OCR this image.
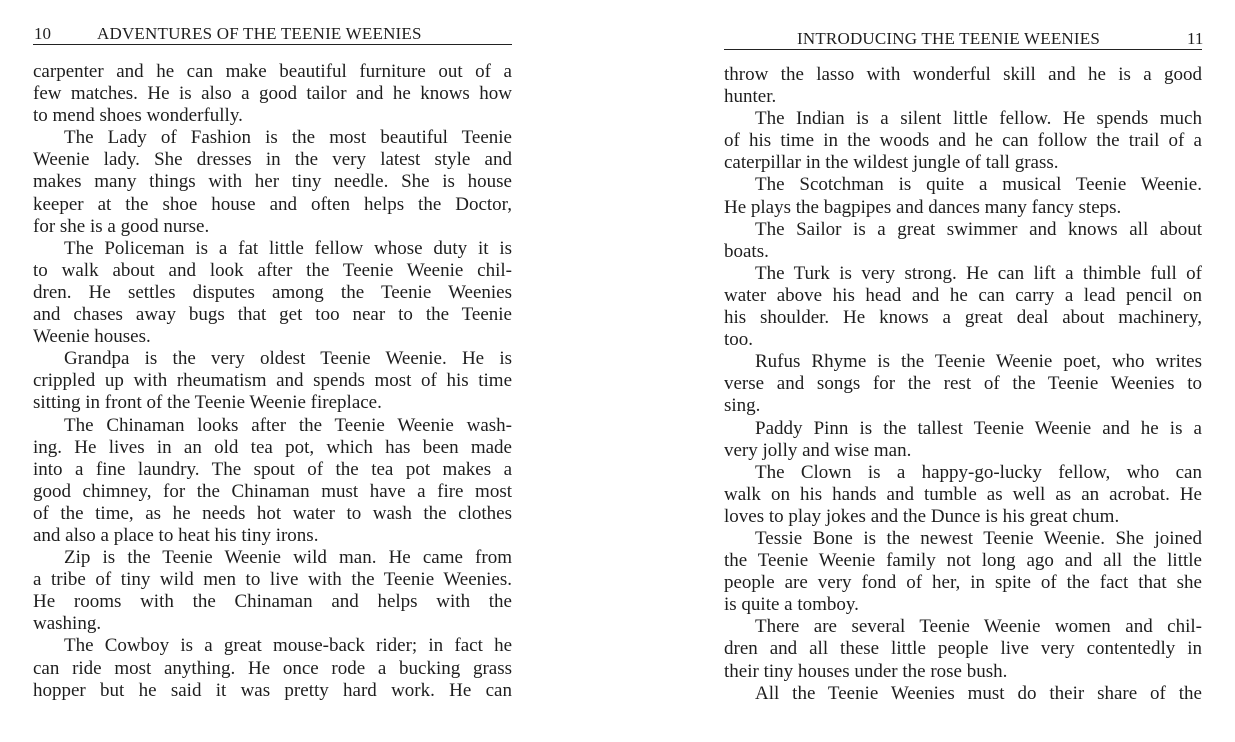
10	ADVENTURES OF THE TEENIE WEENIES
carpenter and he can make beautiful furniture out of a
few matches. He is also a good tailor and he knows how
to mend shoes wonderfully.
The Lady of Fashion is the most beautiful Teenie
Weenie lady. She dresses in the very latest style and
makes many things with her tiny needle. She is house
keeper at the shoe house and often helps the Doctor,
for she is a good nurse.
The Policeman is a fat little fellow whose duty it is
to walk about and look after the Teenie Weenie chil-
dren. He settles disputes among the Teenie Weenies
and chases away bugs that get too near to the Teenie
Weenie houses.
Grandpa is the very oldest Teenie Weenie. He is
crippled up with rheumatism and spends most of his time
sitting in front of the Teenie Weenie fireplace.
The Chinaman looks after the Teenie Weenie wash-
ing. He lives in an old tea pot, which has been made
into a fine laundry. The spout of the tea pot makes a
good chimney, for the Chinaman must have a fire most
of the time, as he needs hot water to wash the clothes
and also a place to heat his tiny irons.
Zip is the Teenie Weenie wild man. He came from
a tribe of tiny wild men to live with the Teenie Weenies.
He rooms with the Chinaman and helps with the
washing.
The Cowboy is a great mouse-back rider; in fact he
can ride most anything. He once rode a bucking grass
hopper but he said it was pretty hard work. He can
INTRODUCING THE TEENIE WEENIES	11
throw the lasso with wonderful skill and he is a good
hunter.
The Indian is a silent little fellow. He spends much
of his time in the woods and he can follow the trail of a
caterpillar in the wildest jungle of tall grass.
The Scotchman is quite a musical Teenie Weenie.
He plays the bagpipes and dances many fancy steps.
The Sailor is a great swimmer and knows all about
boats.
The Turk is very strong. He can lift a thimble full of
water above his head and he can carry a lead pencil on
his shoulder. He knows a great deal about machinery,
too.
Rufus Rhyme is the Teenie Weenie poet, who writes
verse and songs for the rest of the Teenie Weenies to
sing.
Paddy Pinn is the tallest Teenie Weenie and he is a
very jolly and wise man.
The Clown is a happy-go-lucky fellow, who can
walk on his hands and tumble as well as an acrobat. He
loves to play jokes and the Dunce is his great chum.
Tessie Bone is the newest Teenie Weenie. She joined
the Teenie Weenie family not long ago and all the little
people are very fond of her, in spite of the fact that she
is quite a tomboy.
There are several Teenie Weenie women and chil-
dren and all these little people live very contentedly in
their tiny houses under the rose bush.
All the Teenie Weenies must do their share of the
